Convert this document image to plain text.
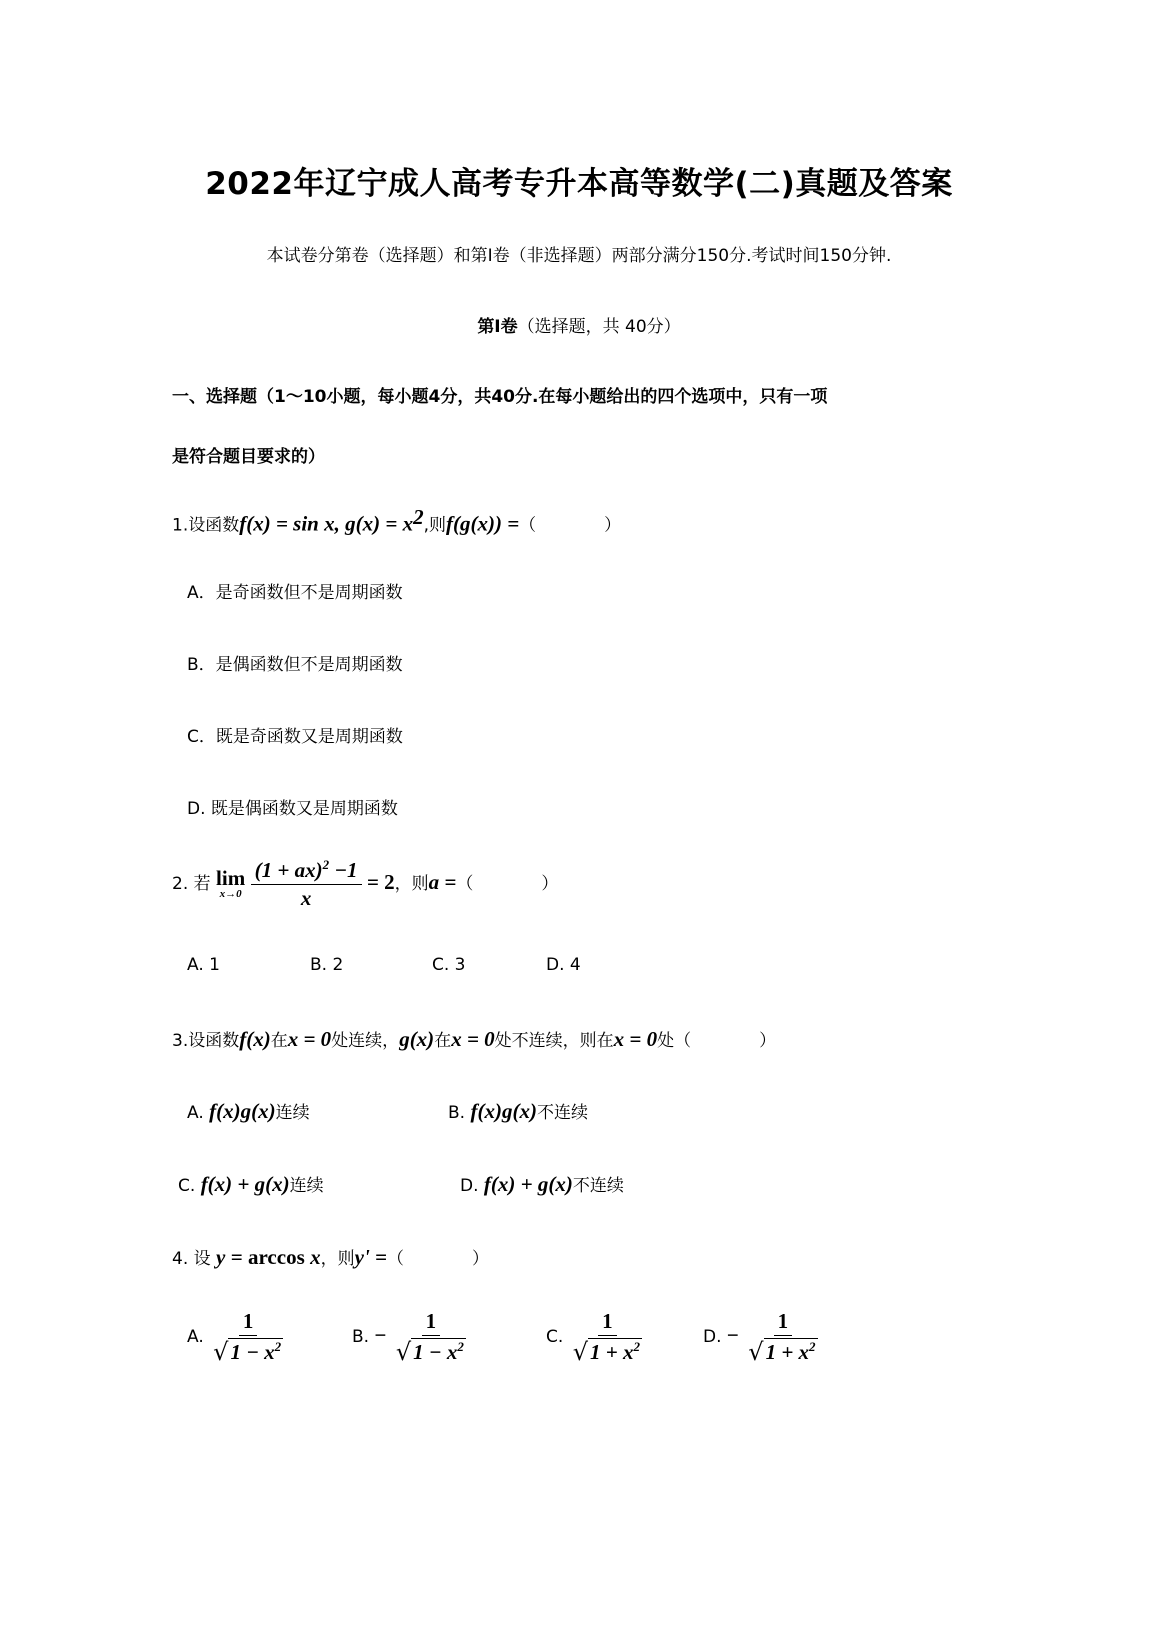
2022年辽宁成人高考专升本高等数学(二)真题及答案
本试卷分第卷（选择题）和第Ⅰ卷（非选择题）两部分满分150分.考试时间150分钟.
第Ⅰ卷（选择题，共 40分）
一、选择题（1～10小题，每小题4分，共40分.在每小题给出的四个选项中，只有一项
是符合题目要求的）
1.设函数f(x) = sin x, $g(x) = x^2$,则f(g(x)) =（　　　　）
A．是奇函数但不是周期函数
B．是偶函数但不是周期函数
C．既是奇函数又是周期函数
D. 既是偶函数又是周期函数
2. 若 lim
x→0
$\frac{(1 + ax)^2 -1}{x} = 2$，则a =（　　　　）
A. 1	B. 2	C. 3	D. 4
3.设函数f(x)在x = 0处连续，g(x)在x = 0处不连续，则在x = 0处（　　　　）
A. f(x)g(x)连续	B. f(x)g(x)不连续
C. f(x) + g(x)连续	D. f(x) + g(x)不连续
4. 设 y = arccos x，则y' =（　　　　）
A. $\frac{1}{√ 1 - x^2}$	B. − $\frac{1}{√ 1 - x^2}$	C. $\frac{1}{√ 1 + x^2}$	D. − $\frac{1}{√ 1 + x^2}$
